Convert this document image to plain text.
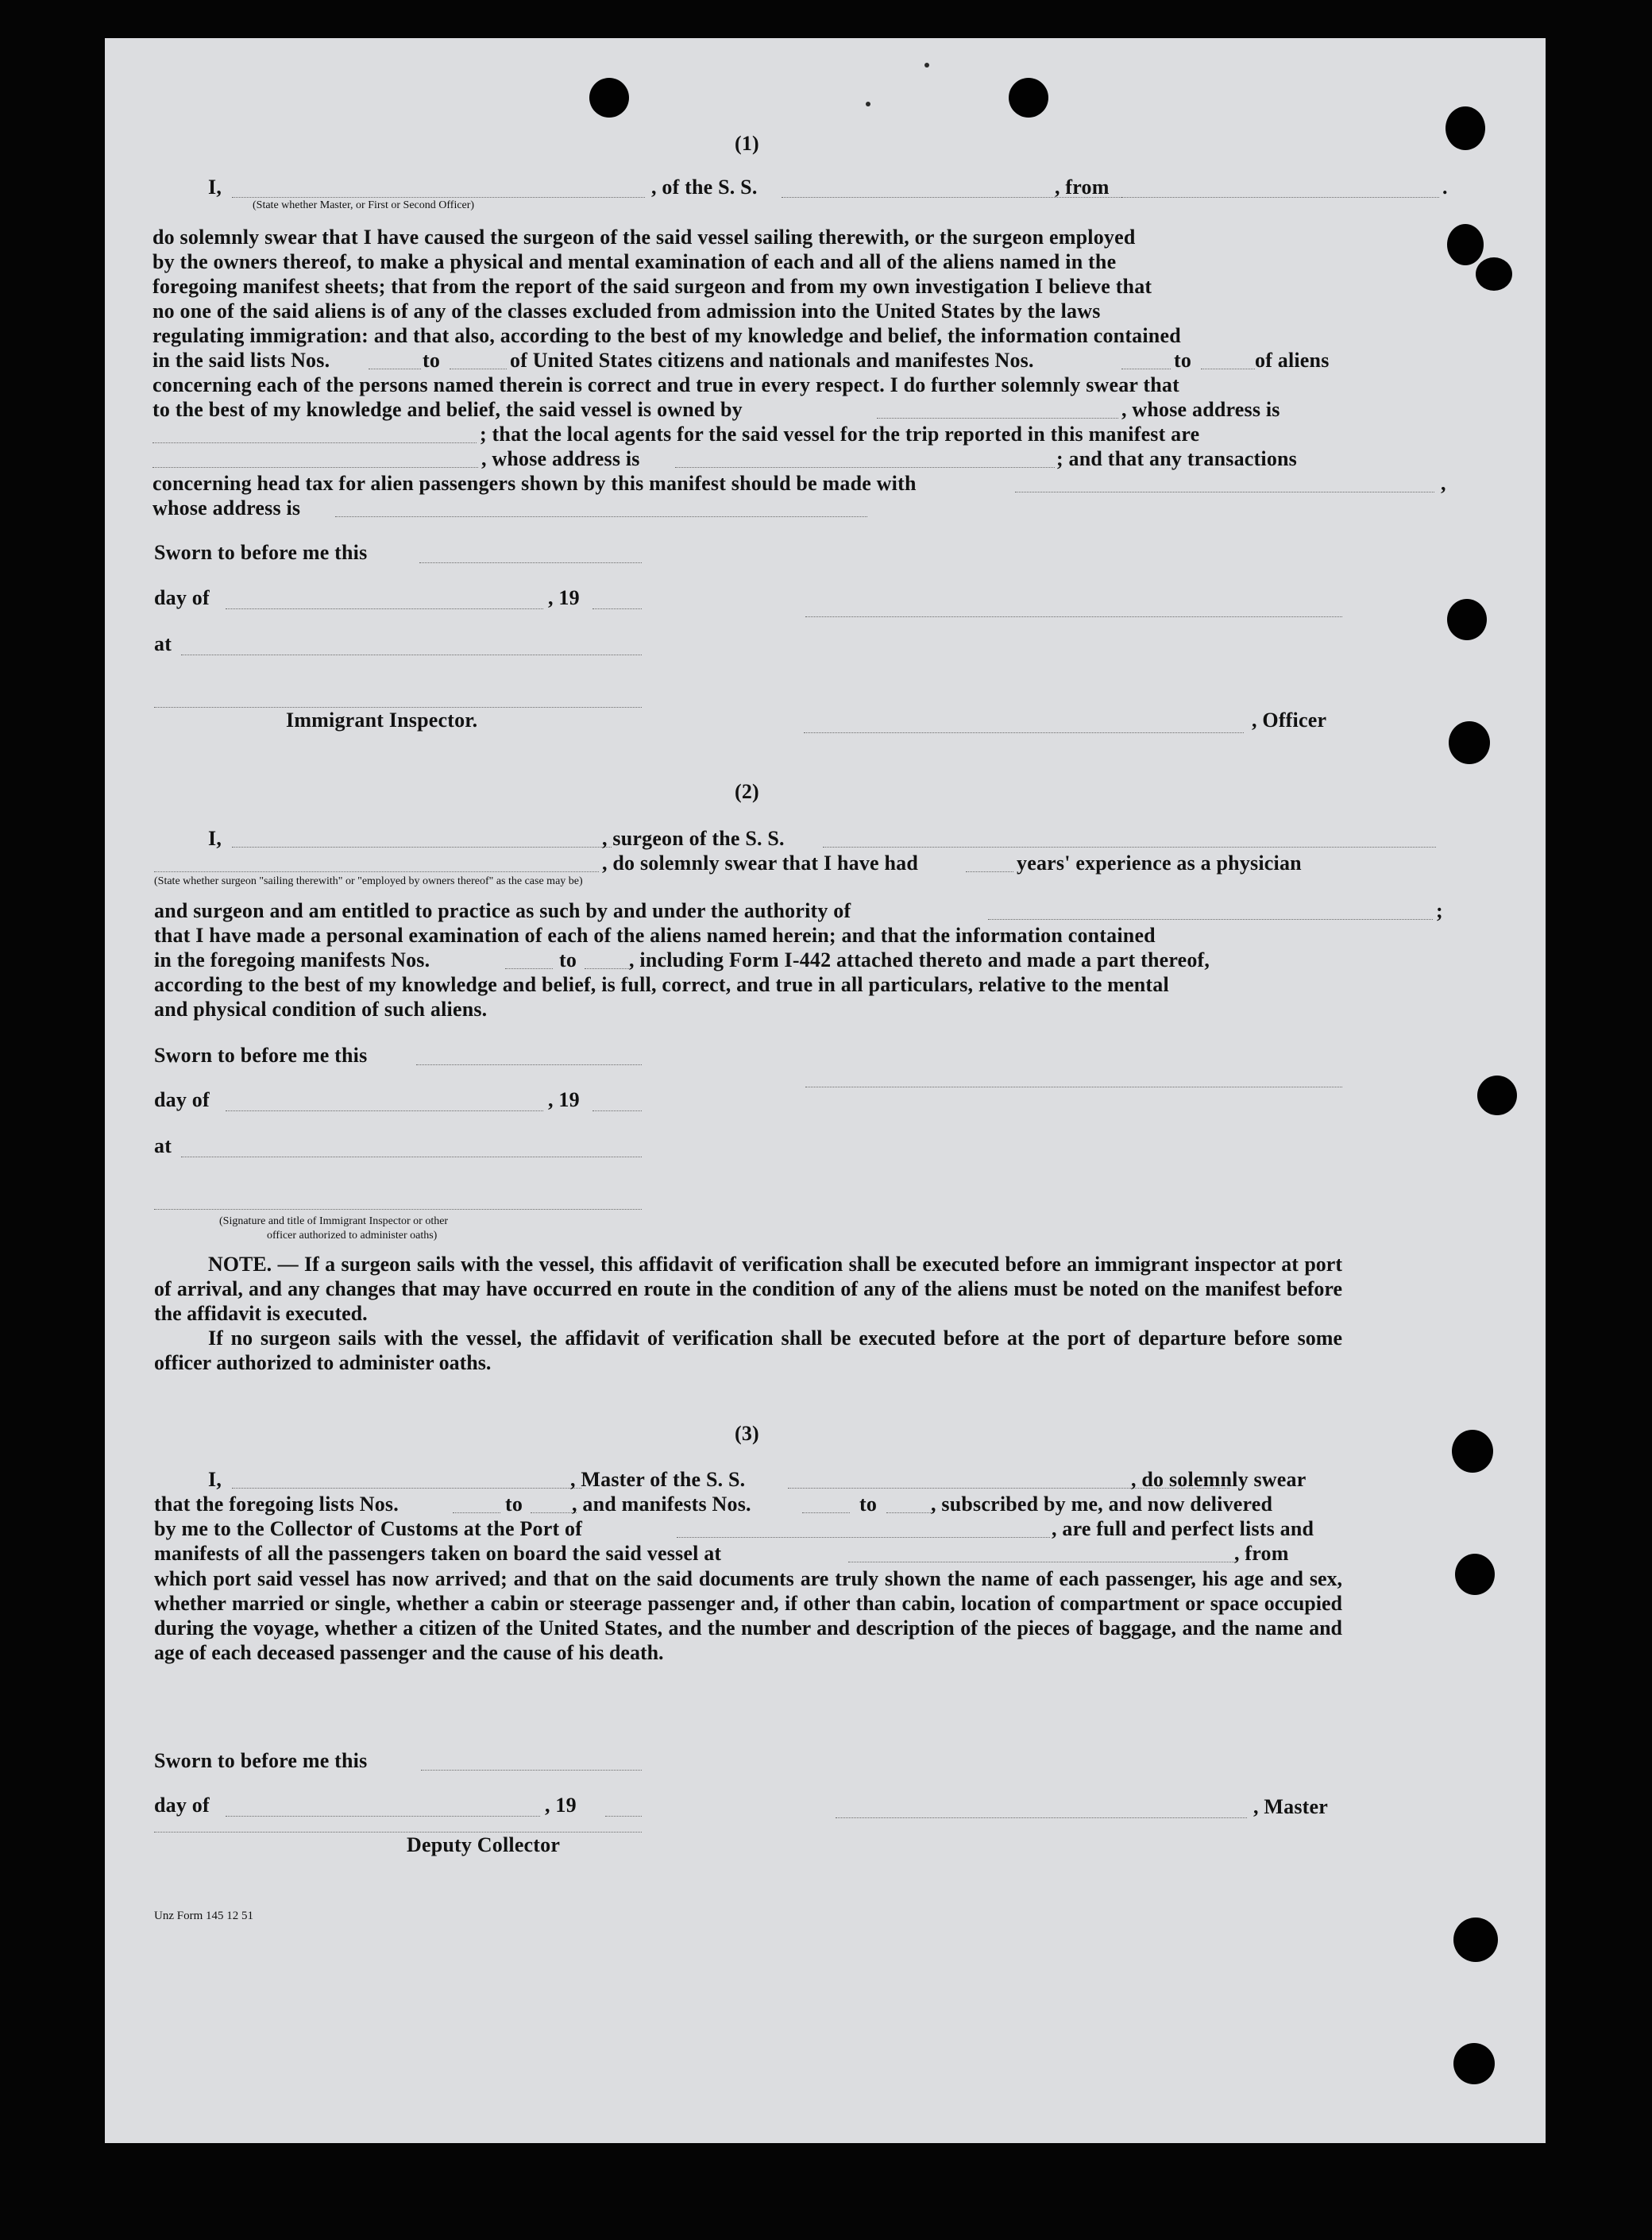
(1)
I,	, of the S. S.	, from	.
(State whether Master, or First or Second Officer)
do solemnly swear that I have caused the surgeon of the said vessel sailing therewith, or the surgeon employed
by the owners thereof, to make a physical and mental examination of each and all of the aliens named in the
foregoing manifest sheets; that from the report of the said surgeon and from my own investigation I believe that
no one of the said aliens is of any of the classes excluded from admission into the United States by the laws
regulating immigration: and that also, according to the best of my knowledge and belief, the information contained
in the said lists Nos.	to	of United States citizens and nationals and manifestes Nos.	to	of aliens
concerning each of the persons named therein is correct and true in every respect. I do further solemnly swear that
to the best of my knowledge and belief, the said vessel is owned by	, whose address is
; that the local agents for the said vessel for the trip reported in this manifest are
, whose address is	; and that any transactions
concerning head tax for alien passengers shown by this manifest should be made with	,
whose address is
Sworn to before me this
day of	, 19
at
Immigrant Inspector.	, Officer
(2)
I,	, surgeon of the S. S.
, do solemnly swear that I have had	years' experience as a physician
(State whether surgeon "sailing therewith" or "employed by owners thereof" as the case may be)
and surgeon and am entitled to practice as such by and under the authority of	;
that I have made a personal examination of each of the aliens named herein; and that the information contained
in the foregoing manifests Nos.	to	, including Form I-442 attached thereto and made a part thereof,
according to the best of my knowledge and belief, is full, correct, and true in all particulars, relative to the mental
and physical condition of such aliens.
Sworn to before me this
day of	, 19
at
(Signature and title of Immigrant Inspector or other
officer authorized to administer oaths)

NOTE. — If a surgeon sails with the vessel, this affidavit of verification shall be executed before an immigrant inspector at port of arrival, and any changes that may have occurred en route in the condition of any of the aliens must be noted on the manifest before the affidavit is executed.

If no surgeon sails with the vessel, the affidavit of verification shall be executed before at the port of departure before some officer authorized to administer oaths.

(3)
I,	, Master of the S. S.	, do solemnly swear
that the foregoing lists Nos.	to , and manifests Nos.	to	, subscribed by me, and now delivered
by me to the Collector of Customs at the Port of	, are full and perfect lists and
manifests of all the passengers taken on board the said vessel at	, from

which port said vessel has now arrived; and that on the said documents are truly shown the name of each passenger, his age and sex, whether married or single, whether a cabin or steerage passenger and, if other than cabin, location of compartment or space occupied during the voyage, whether a citizen of the United States, and the number and description of the pieces of baggage, and the name and age of each deceased passenger and the cause of his death.

Sworn to before me this
day of	, 19	, Master
Deputy Collector
Unz Form 145 12 51
